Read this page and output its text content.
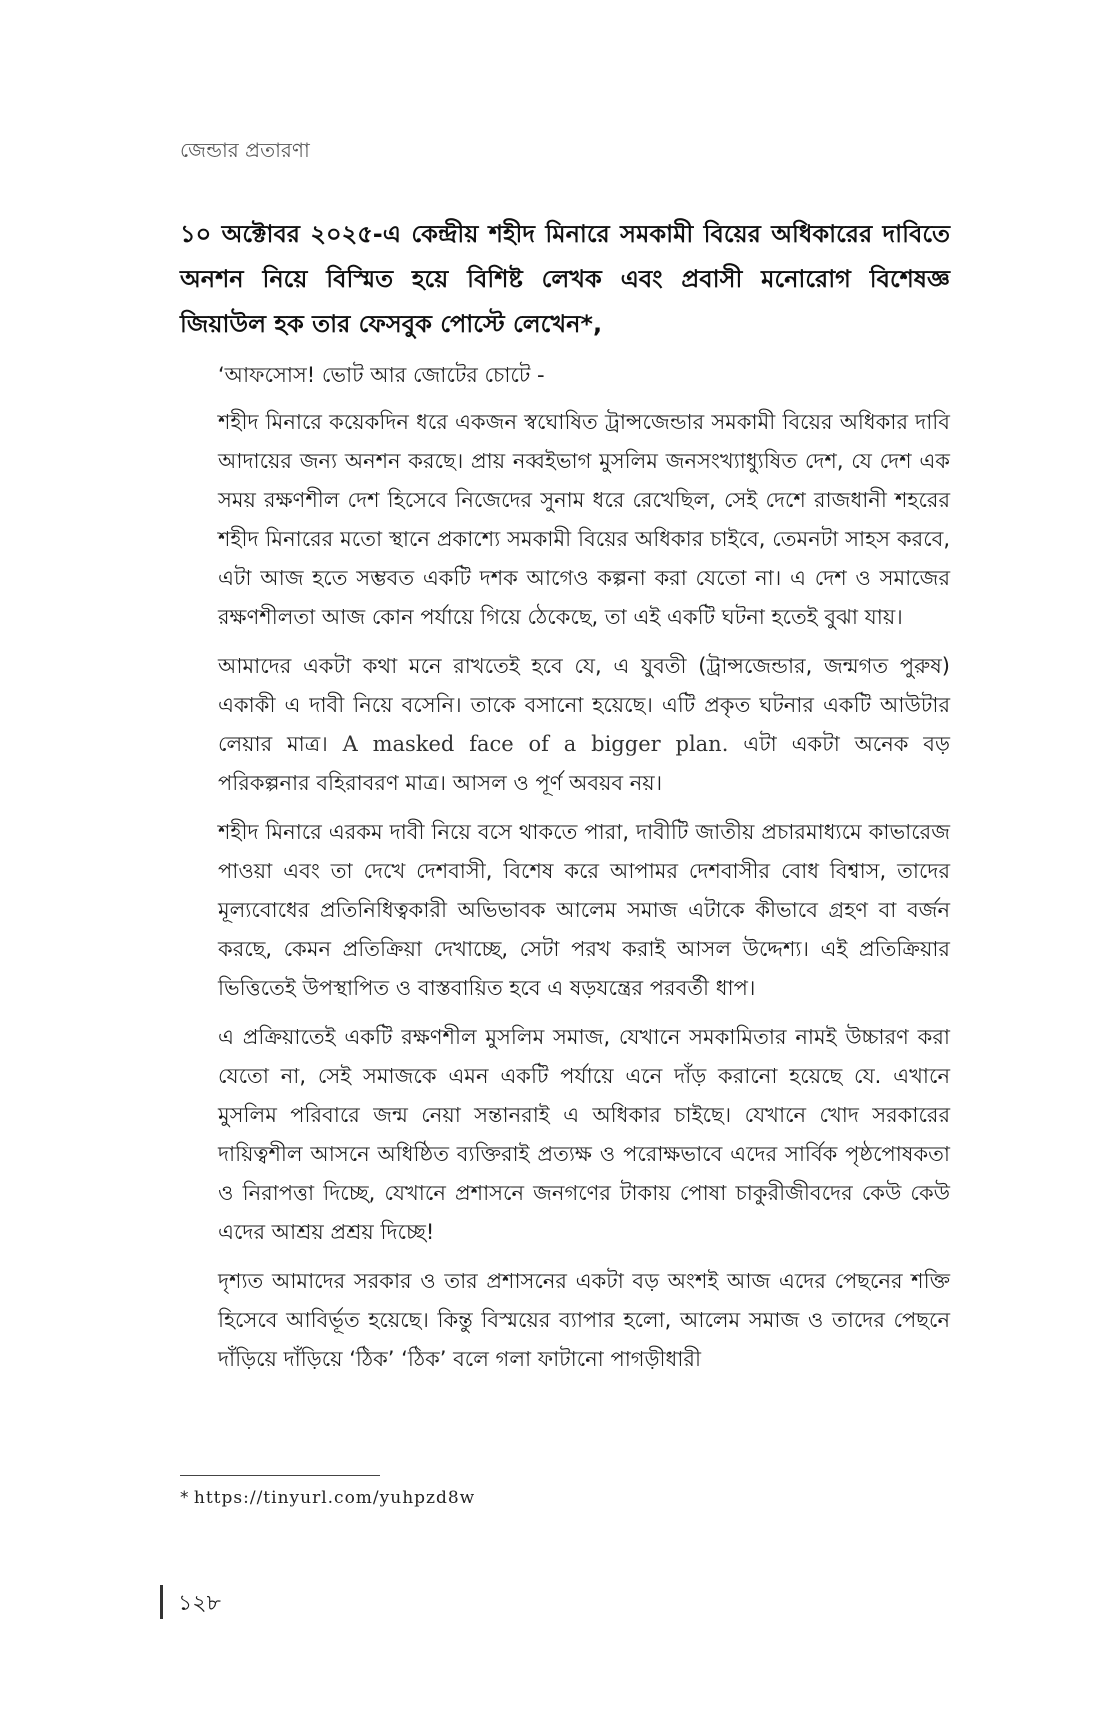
জেন্ডার প্রতারণা
১০ অক্টোবর ২০২৫-এ কেন্দ্রীয় শহীদ মিনারে সমকামী বিয়ের অধিকারের দাবিতে অনশন নিয়ে বিস্মিত হয়ে বিশিষ্ট লেখক এবং প্রবাসী মনোরোগ বিশেষজ্ঞ জিয়াউল হক তার ফেসবুক পোস্টে লেখেন*,

‘আফসোস! ভোট আর জোটের চোটে -

শহীদ মিনারে কয়েকদিন ধরে একজন স্বঘোষিত ট্রান্সজেন্ডার সমকামী বিয়ের অধিকার দাবি আদায়ের জন্য অনশন করছে। প্রায় নব্বইভাগ মুসলিম জনসংখ্যাধ্যুষিত দেশ, যে দেশ এক সময় রক্ষণশীল দেশ হিসেবে নিজেদের সুনাম ধরে রেখেছিল, সেই দেশে রাজধানী শহরের শহীদ মিনারের মতো স্থানে প্রকাশ্যে সমকামী বিয়ের অধিকার চাইবে, তেমনটা সাহস করবে, এটা আজ হতে সম্ভবত একটি দশক আগেও কল্পনা করা যেতো না। এ দেশ ও সমাজের রক্ষণশীলতা আজ কোন পর্যায়ে গিয়ে ঠেকেছে, তা এই একটি ঘটনা হতেই বুঝা যায়।

আমাদের একটা কথা মনে রাখতেই হবে যে, এ যুবতী (ট্রান্সজেন্ডার, জন্মগত পুরুষ) একাকী এ দাবী নিয়ে বসেনি। তাকে বসানো হয়েছে। এটি প্রকৃত ঘটনার একটি আউটার লেয়ার মাত্র। A masked face of a bigger plan. এটা একটা অনেক বড় পরিকল্পনার বহিরাবরণ মাত্র। আসল ও পূর্ণ অবয়ব নয়।

শহীদ মিনারে এরকম দাবী নিয়ে বসে থাকতে পারা, দাবীটি জাতীয় প্রচারমাধ্যমে কাভারেজ পাওয়া এবং তা দেখে দেশবাসী, বিশেষ করে আপামর দেশবাসীর বোধ বিশ্বাস, তাদের মূল্যবোধের প্রতিনিধিত্বকারী অভিভাবক আলেম সমাজ এটাকে কীভাবে গ্রহণ বা বর্জন করছে, কেমন প্রতিক্রিয়া দেখাচ্ছে, সেটা পরখ করাই আসল উদ্দেশ্য। এই প্রতিক্রিয়ার ভিত্তিতেই উপস্থাপিত ও বাস্তবায়িত হবে এ ষড়যন্ত্রের পরবর্তী ধাপ।

এ প্রক্রিয়াতেই একটি রক্ষণশীল মুসলিম সমাজ, যেখানে সমকামিতার নামই উচ্চারণ করা যেতো না, সেই সমাজকে এমন একটি পর্যায়ে এনে দাঁড় করানো হয়েছে যে. এখানে মুসলিম পরিবারে জন্ম নেয়া সন্তানরাই এ অধিকার চাইছে। যেখানে খোদ সরকারের দায়িত্বশীল আসনে অধিষ্ঠিত ব্যক্তিরাই প্রত্যক্ষ ও পরোক্ষভাবে এদের সার্বিক পৃষ্ঠপোষকতা ও নিরাপত্তা দিচ্ছে, যেখানে প্রশাসনে জনগণের টাকায় পোষা চাকুরীজীবদের কেউ কেউ এদের আশ্রয় প্রশ্রয় দিচ্ছে!

দৃশ্যত আমাদের সরকার ও তার প্রশাসনের একটা বড় অংশই আজ এদের পেছনের শক্তি হিসেবে আবির্ভূত হয়েছে। কিন্তু বিস্ময়ের ব্যাপার হলো, আলেম সমাজ ও তাদের পেছনে দাঁড়িয়ে দাঁড়িয়ে ‘ঠিক’ ‘ঠিক’ বলে গলা ফাটানো পাগড়ীধারী

* https://tinyurl.com/yuhpzd8w
১২৮
